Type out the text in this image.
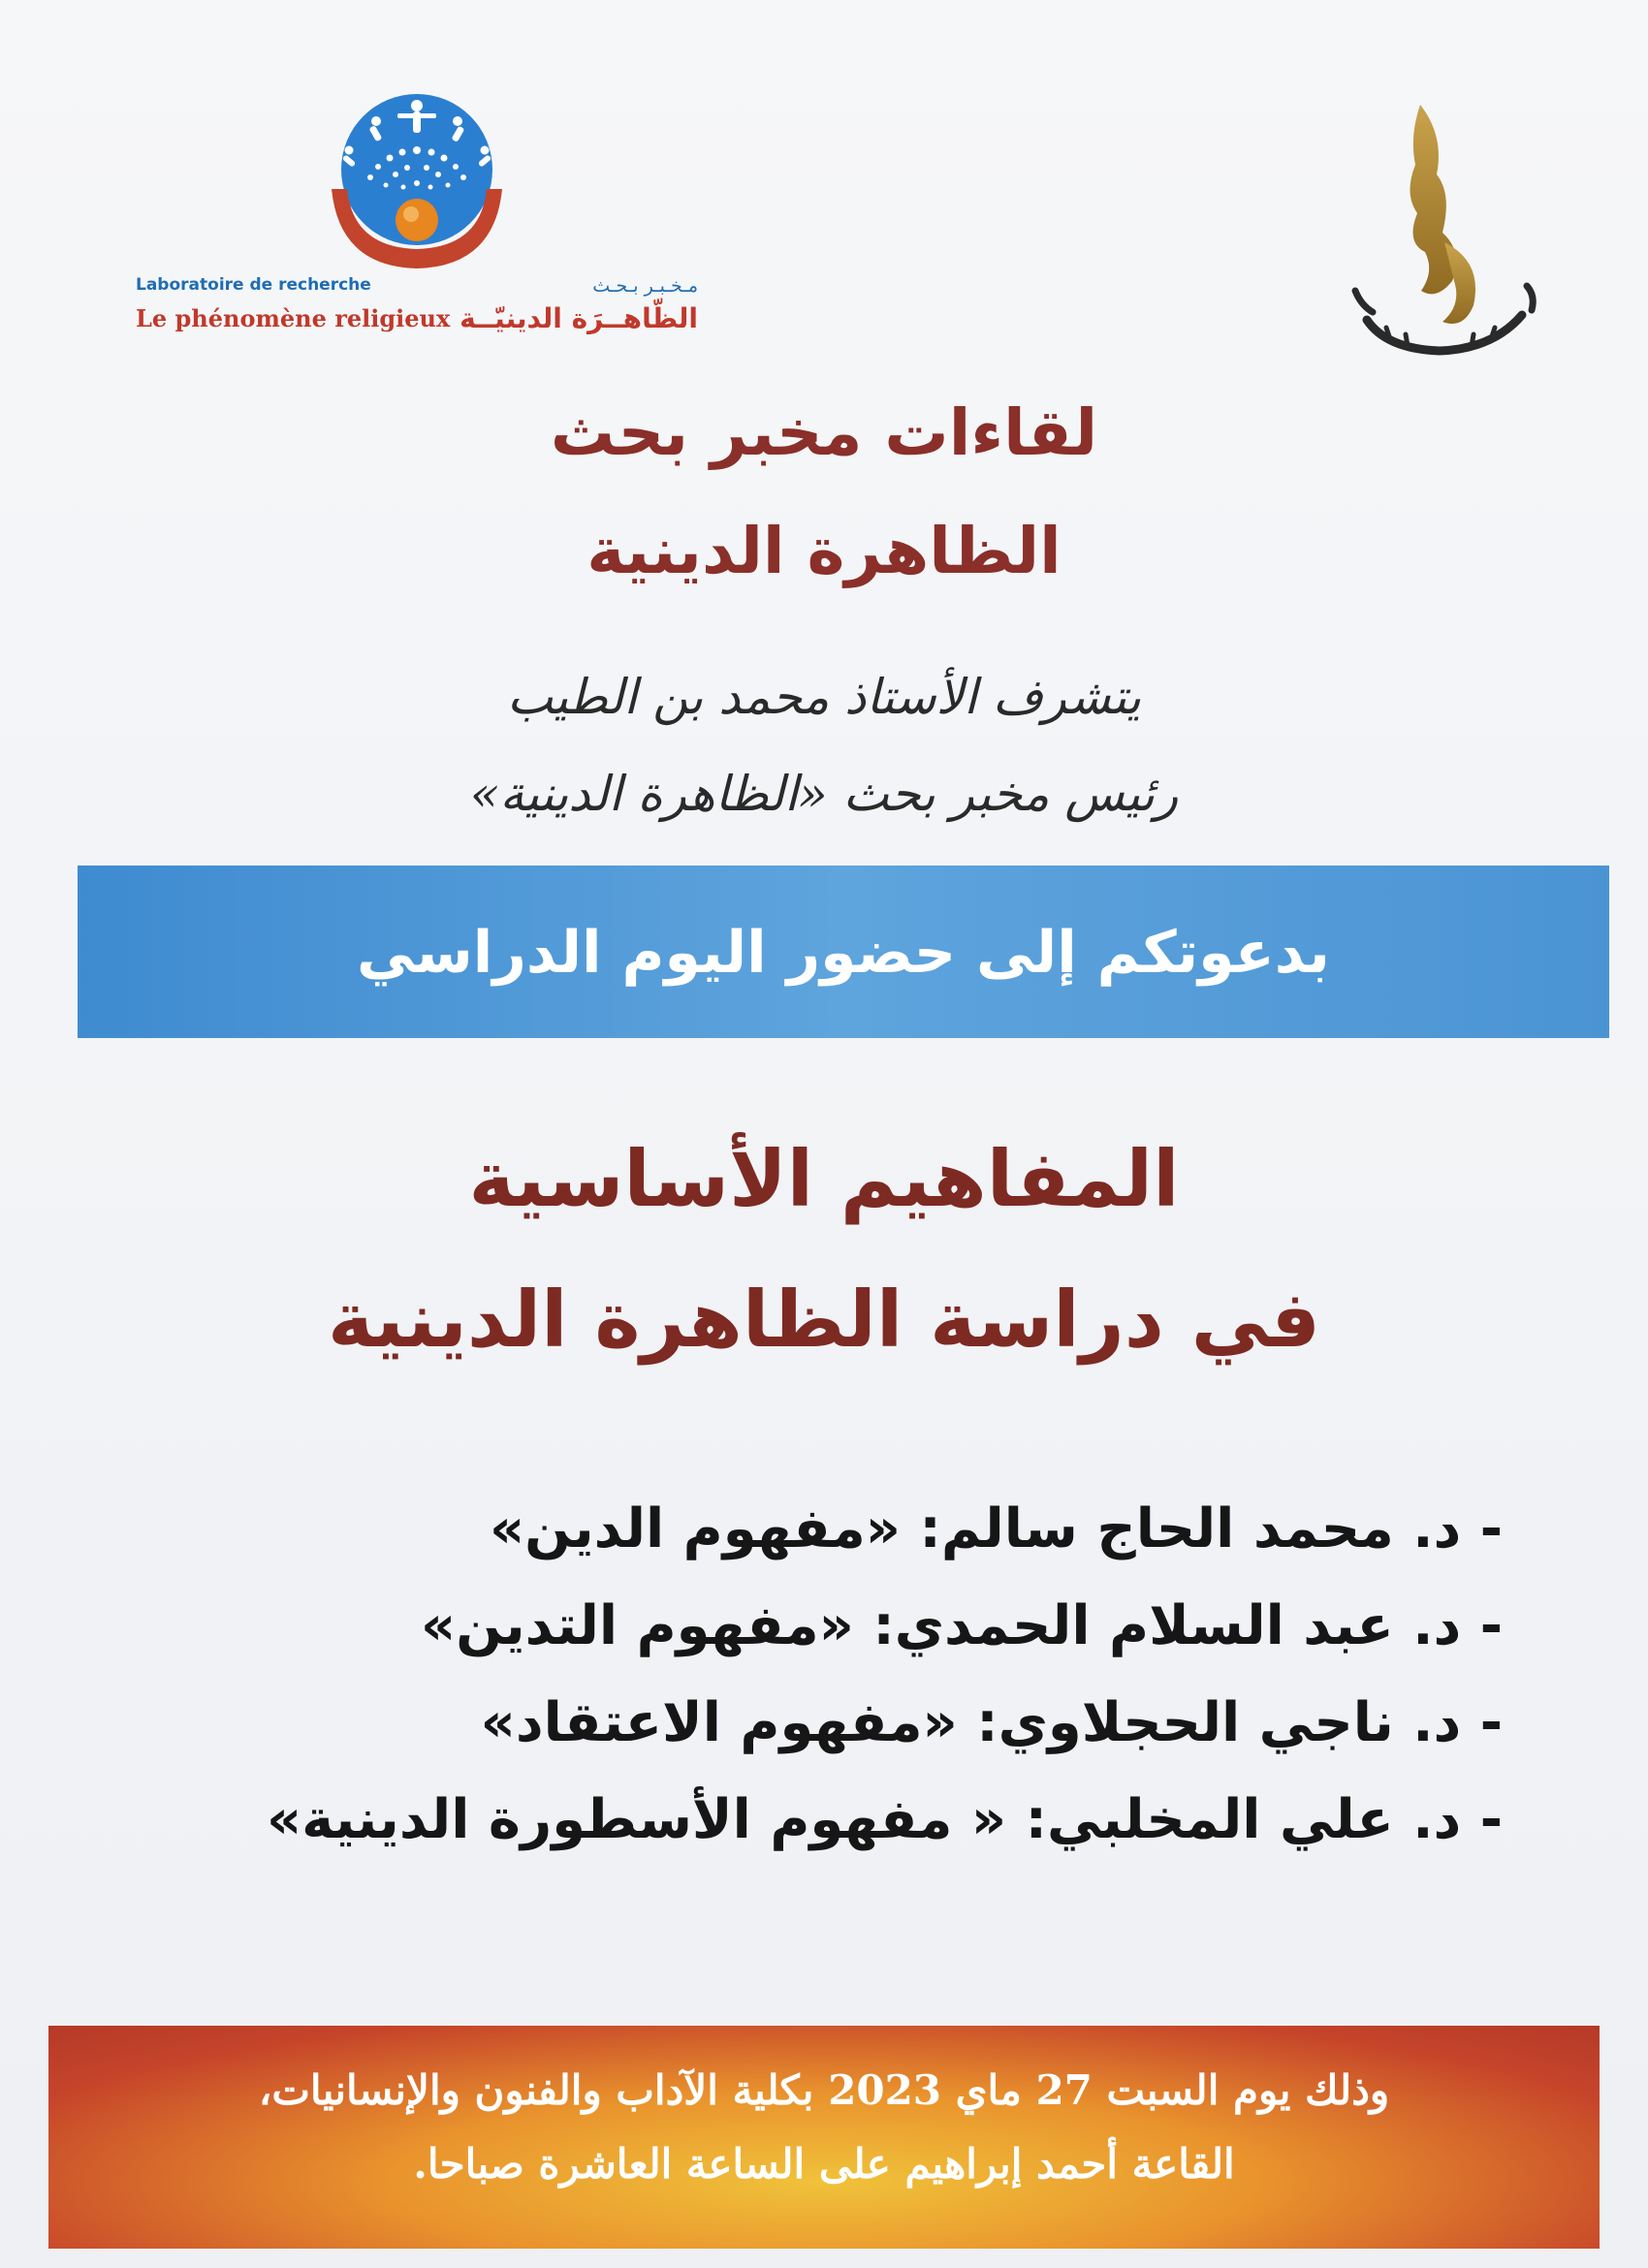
Laboratoire de recherche	مـخـبـر بـحـث
Le phénomène religieux الظّاهــرَة الدينيّــة
لقاءات مخبر بحث
الظاهرة الدينية
يتشرف الأستاذ محمد بن الطيب
رئيس مخبر بحث «الظاهرة الدينية»
بدعوتكم إلى حضور اليوم الدراسي
المفاهيم الأساسية
في دراسة الظاهرة الدينية
- د. محمد الحاج سالم: «مفهوم الدين»
- د. عبد السلام الحمدي: «مفهوم التدين»
- د. ناجي الحجلاوي: «مفهوم الاعتقاد»
- د. علي المخلبي: « مفهوم الأسطورة الدينية»
وذلك يوم السبت 27 ماي 2023 بكلية الآداب والفنون والإنسانيات،
القاعة أحمد إبراهيم على الساعة العاشرة صباحا.
